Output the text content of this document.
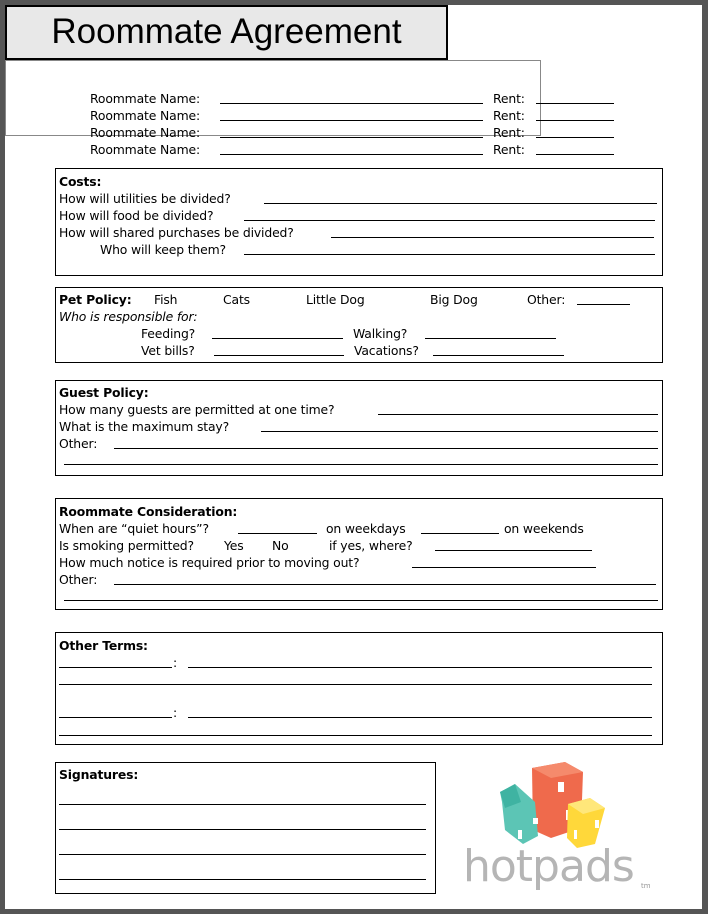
Roommate Agreement
Roommate Name:	Rent:
Roommate Name:	Rent:
Roommate Name:	Rent:
Roommate Name:	Rent:
Costs:
How will utilities be divided?
How will food be divided?
How will shared purchases be divided?
Who will keep them?
Pet Policy: Fish	Cats	Little Dog	Big Dog	Other:
Who is responsible for:
Feeding?	Walking?
Vet bills?	Vacations?
Guest Policy:
How many guests are permitted at one time?
What is the maximum stay?
Other:
Roommate Consideration:
When are “quiet hours”?	on weekdays	on weekends
Is smoking permitted? Yes No	if yes, where?
How much notice is required prior to moving out?
Other:
Other Terms:
:
:
Signatures:
hotpads tm
